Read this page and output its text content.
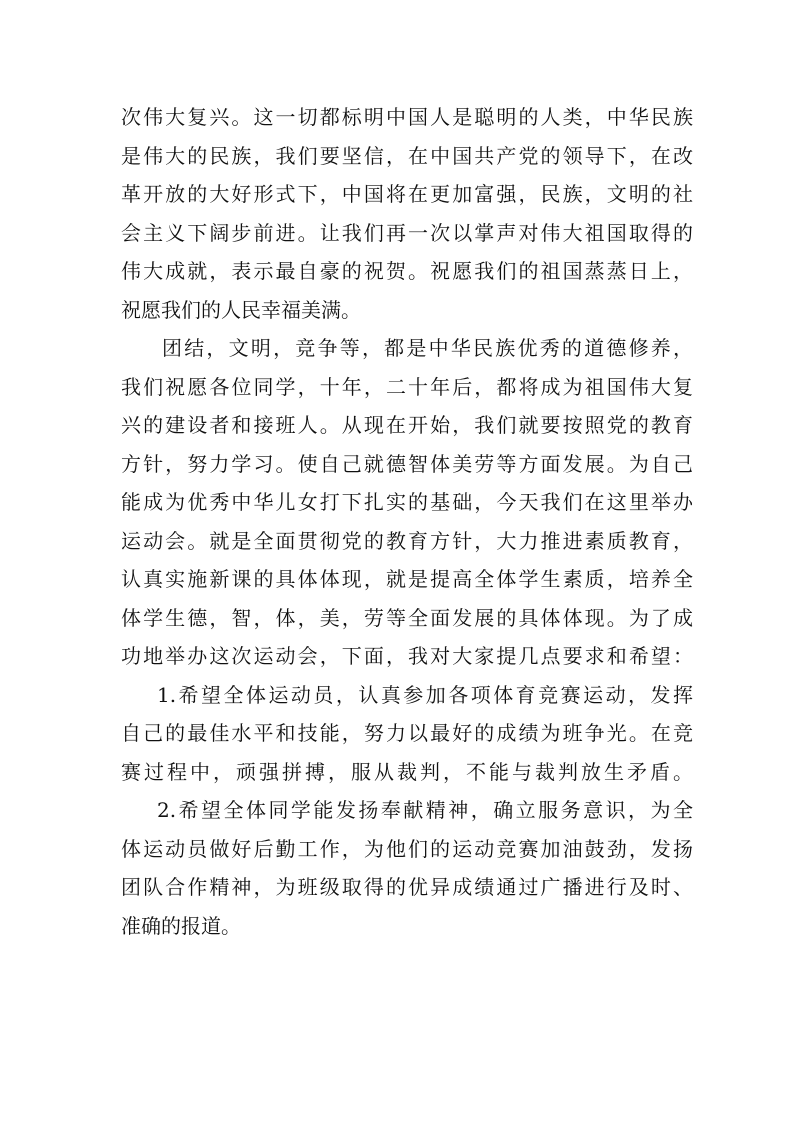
次伟大复兴。这一切都标明中国人是聪明的人类，中华民族
是伟大的民族，我们要坚信，在中国共产党的领导下，在改
革开放的大好形式下，中国将在更加富强，民族，文明的社
会主义下阔步前进。让我们再一次以掌声对伟大祖国取得的
伟大成就，表示最自豪的祝贺。祝愿我们的祖国蒸蒸日上，
祝愿我们的人民幸福美满。
团结，文明，竞争等，都是中华民族优秀的道德修养，
我们祝愿各位同学，十年，二十年后，都将成为祖国伟大复
兴的建设者和接班人。从现在开始，我们就要按照党的教育
方针，努力学习。使自己就德智体美劳等方面发展。为自己
能成为优秀中华儿女打下扎实的基础，今天我们在这里举办
运动会。就是全面贯彻党的教育方针，大力推进素质教育，
认真实施新课的具体体现，就是提高全体学生素质，培养全
体学生德，智，体，美，劳等全面发展的具体体现。为了成
功地举办这次运动会，下面，我对大家提几点要求和希望：
1.希望全体运动员，认真参加各项体育竞赛运动，发挥
自己的最佳水平和技能，努力以最好的成绩为班争光。在竞
赛过程中，顽强拼搏，服从裁判，不能与裁判放生矛盾。
2.希望全体同学能发扬奉献精神，确立服务意识，为全
体运动员做好后勤工作，为他们的运动竞赛加油鼓劲，发扬
团队合作精神，为班级取得的优异成绩通过广播进行及时、
准确的报道。
